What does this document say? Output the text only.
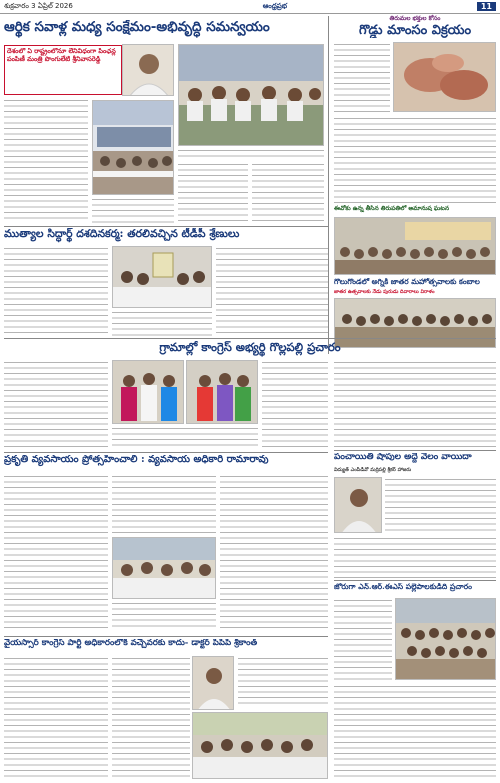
శుక్రవారం 3 ఏప్రిల్ 2026	ఆంధ్రప్రభ	11
ఆర్థిక సవాళ్ల మధ్య సంక్షేమం-అభివృద్ధి సమన్వయం
దేశంలో ఏ రాష్ట్రంలోనూ లేనివిధంగా పింఛన్ల పంపిణీ మంత్రి పొంగులేటి శ్రీనివాసరెడ్డి
తిరుమల భక్తుల కోసం
గొడ్డు మాంసం విక్రయం
ఈవోకు ఉన్న తీసిన తిరుపతిలో అమానుష ఘటన
ముత్యాల సిద్ధార్థ్ దశదినకర్మ: తరలివచ్చిన టీడీపీ శ్రేణులు
గొలుగొండలో అగ్నికి జాతర మహోత్సవాలకు కంబాల
జాతర ఉత్సవాలకు నేడు పురుడు దివారాలు విరాళం
గ్రామాల్లో కాంగ్రెస్ అభ్యర్థి గొల్లపల్లి ప్రచారం
ప్రకృతి వ్యవసాయం ప్రోత్సహించాలి : వ్యవసాయ అధికారి రామారావు	పంచాయితీ షాపుల అద్దె వేలం వాయిదా
విద్యుత్ ఎంపీడీవో మర్రిపల్లి శ్రీకర్ హాజరు
జోరుగా ఎన్.ఆర్.ఈఎస్ పల్లెపాలకుడిది ప్రచారం
వైయస్సార్ కాంగ్రెస్ పార్టీ అధికారంలోకి వచ్చేవరకు కాదు- డాక్టర్ పిపిపి శ్రీకాంత్
